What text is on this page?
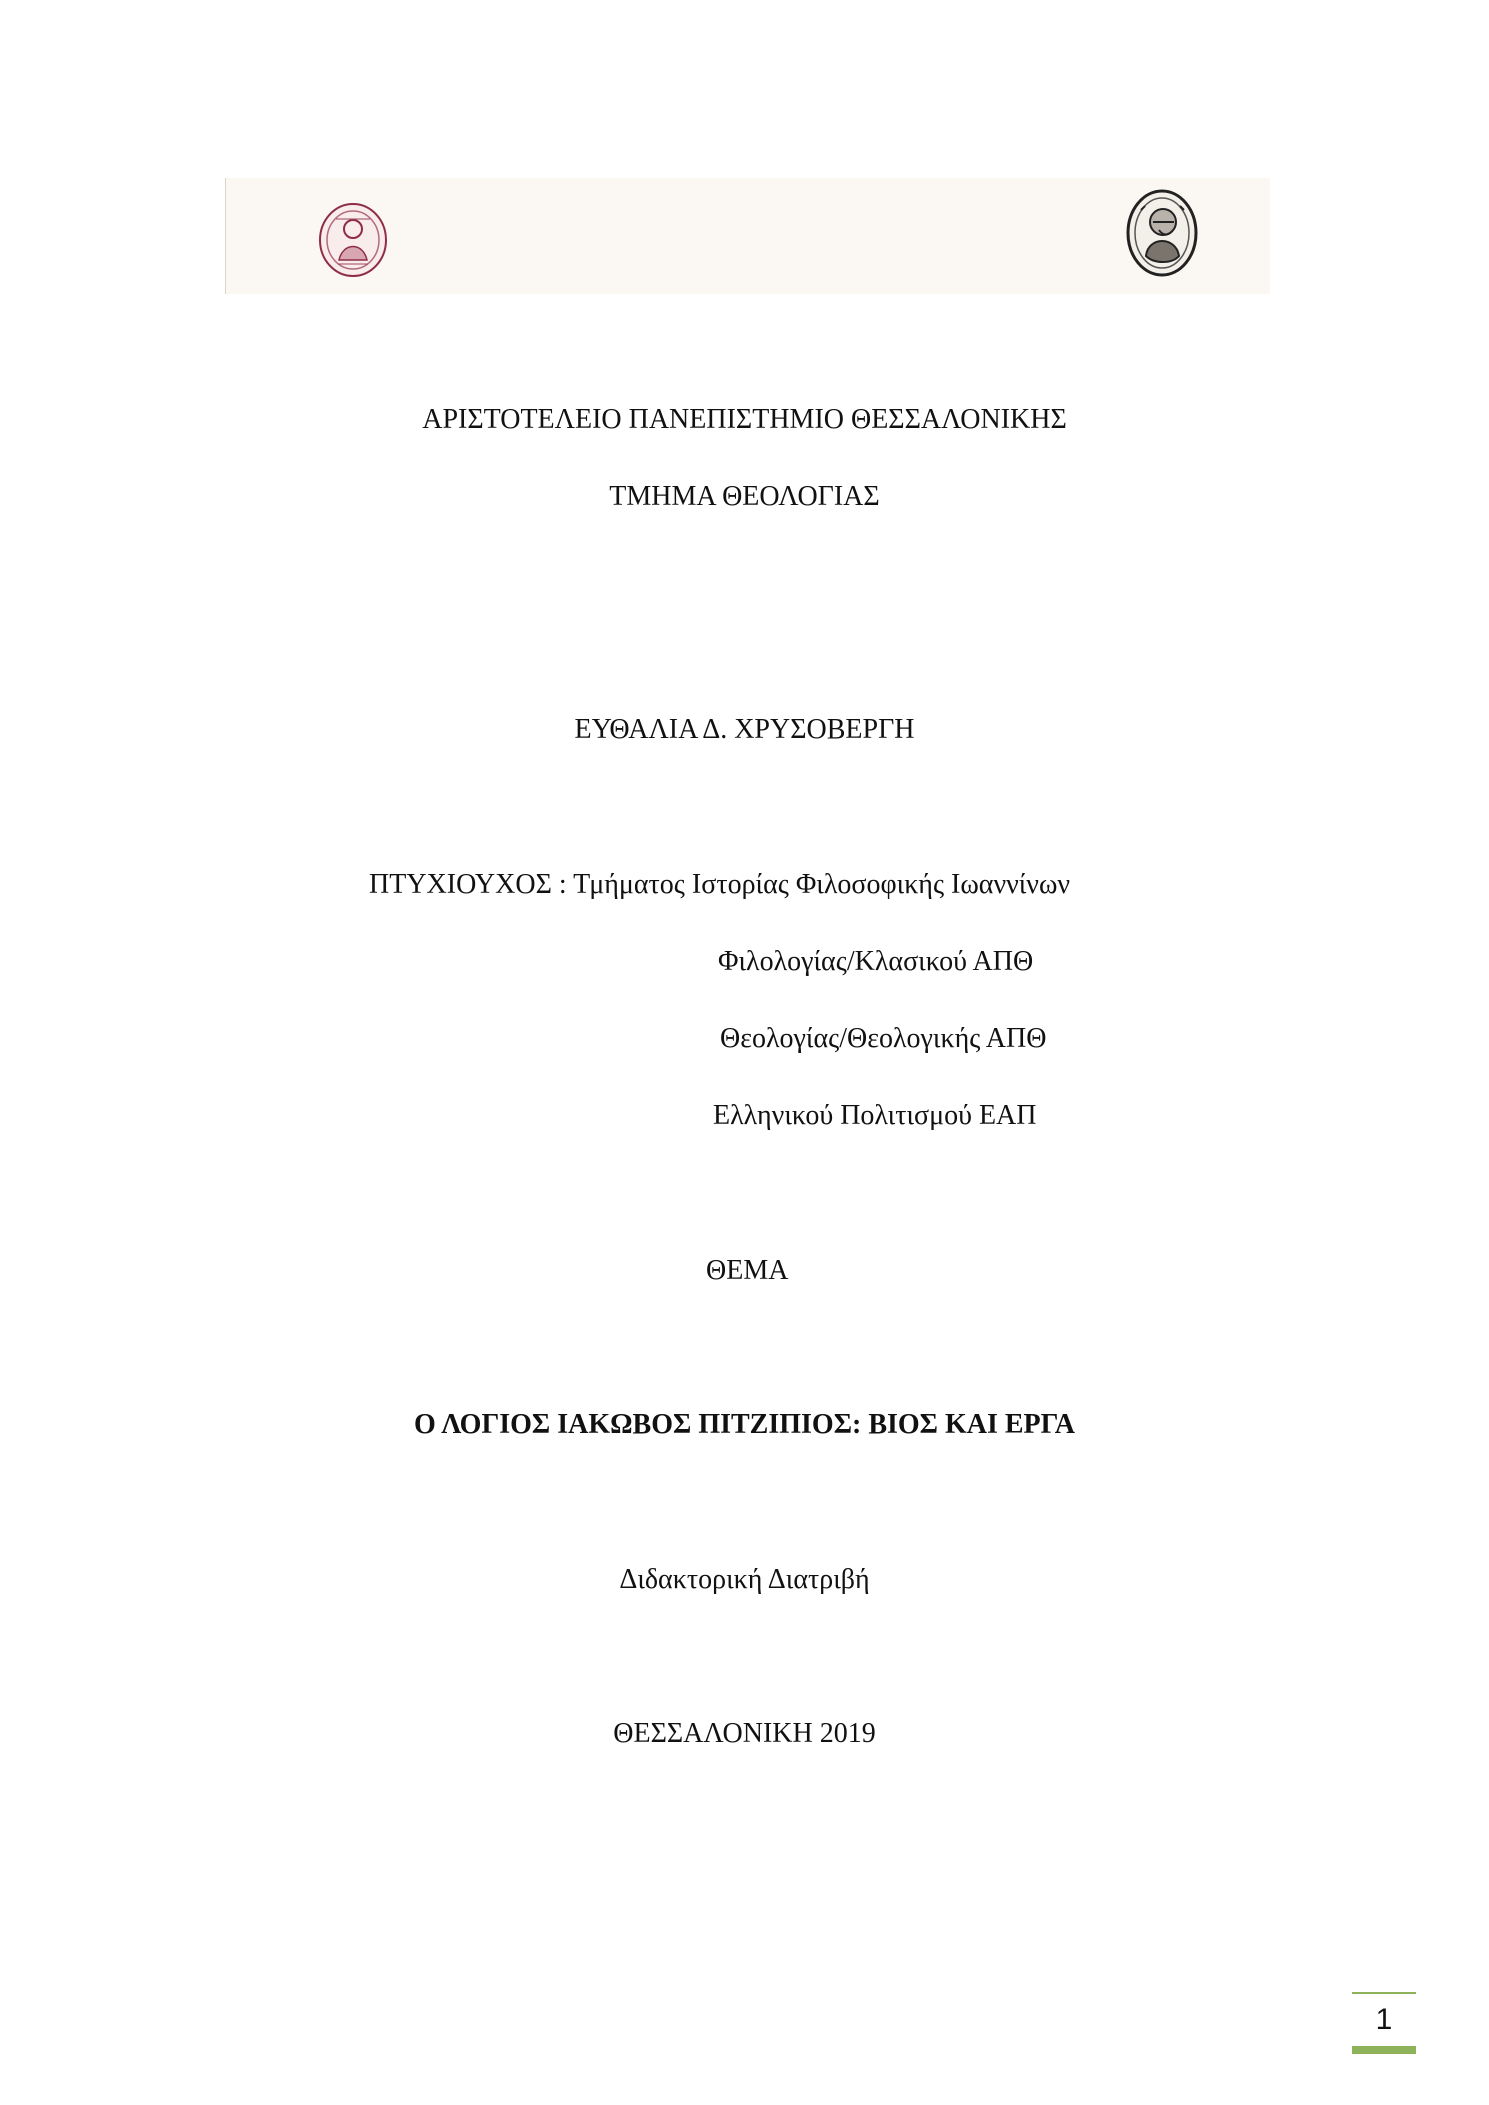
ΑΡΙΣΤΟΤΕΛΕΙΟ ΠΑΝΕΠΙΣΤΗΜΙΟ ΘΕΣΣΑΛΟΝΙΚΗΣ
ΤΜΗΜΑ ΘΕΟΛΟΓΙΑΣ
ΕΥΘΑΛΙΑ Δ. ΧΡΥΣΟΒΕΡΓΗ
ΠΤΥΧΙΟΥΧΟΣ : Τμήματος Ιστορίας Φιλοσοφικής Ιωαννίνων
Φιλολογίας/Κλασικού ΑΠΘ
Θεολογίας/Θεολογικής ΑΠΘ
Ελληνικού Πολιτισμού ΕΑΠ
ΘΕΜΑ
Ο ΛΟΓΙΟΣ ΙΑΚΩΒΟΣ ΠΙΤΖΙΠΙΟΣ: ΒΙΟΣ ΚΑΙ ΕΡΓΑ
Διδακτορική Διατριβή
ΘΕΣΣΑΛΟΝΙΚΗ 2019
1
